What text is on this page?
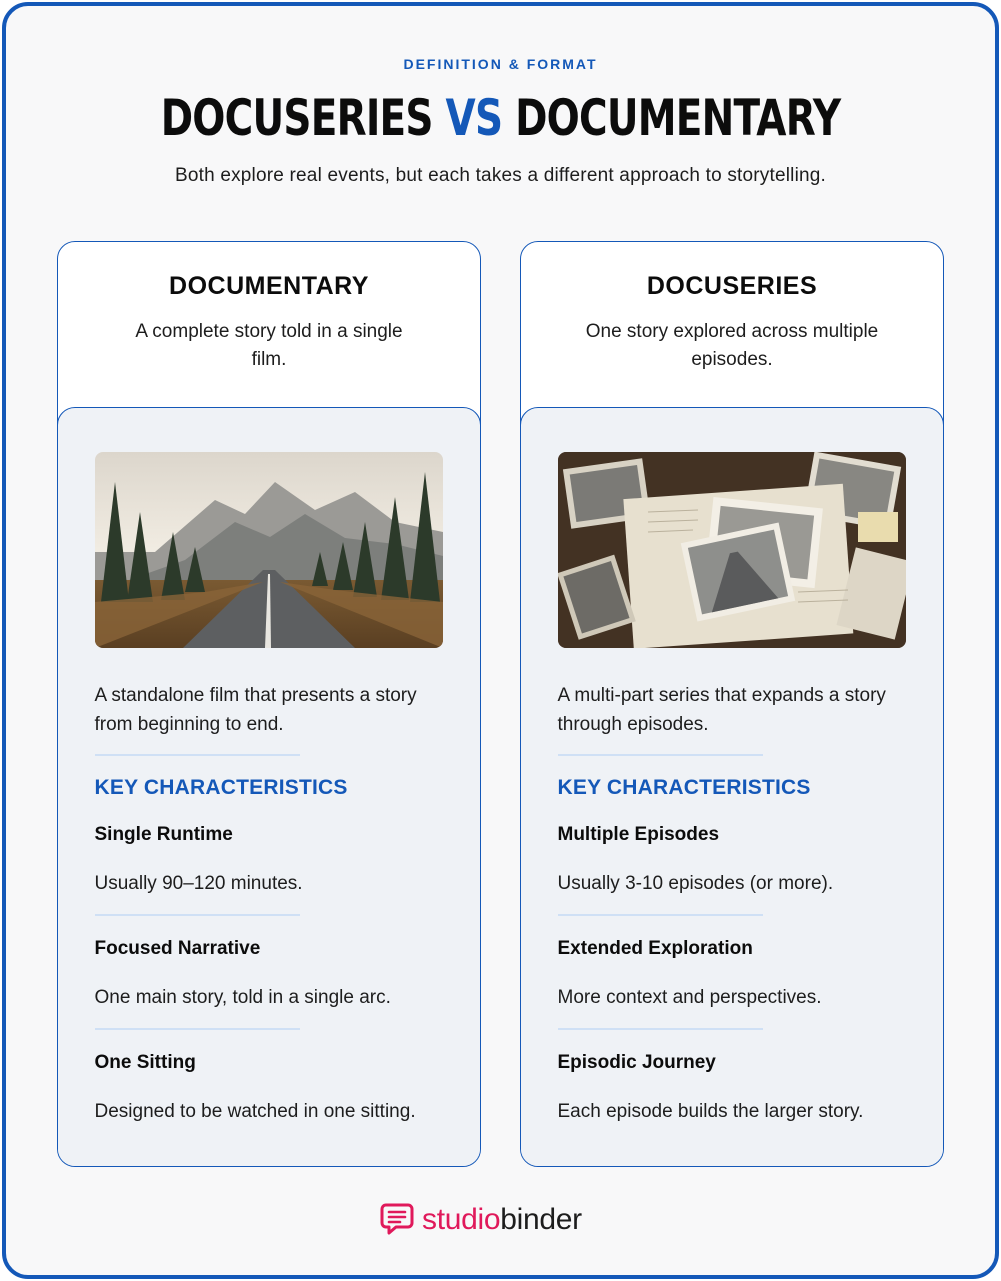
DEFINITION & FORMAT
DOCUSERIES VS DOCUMENTARY
Both explore real events, but each takes a different approach to storytelling.
DOCUMENTARY
A complete story told in a single film.
A standalone film that presents a story from beginning to end.
KEY CHARACTERISTICS
Single Runtime
Usually 90–120 minutes.
Focused Narrative
One main story, told in a single arc.
One Sitting
Designed to be watched in one sitting.
DOCUSERIES
One story explored across multiple episodes.
A multi-part series that expands a story through episodes.
KEY CHARACTERISTICS
Multiple Episodes
Usually 3-10 episodes (or more).
Extended Exploration
More context and perspectives.
Episodic Journey
Each episode builds the larger story.
studiobinder
